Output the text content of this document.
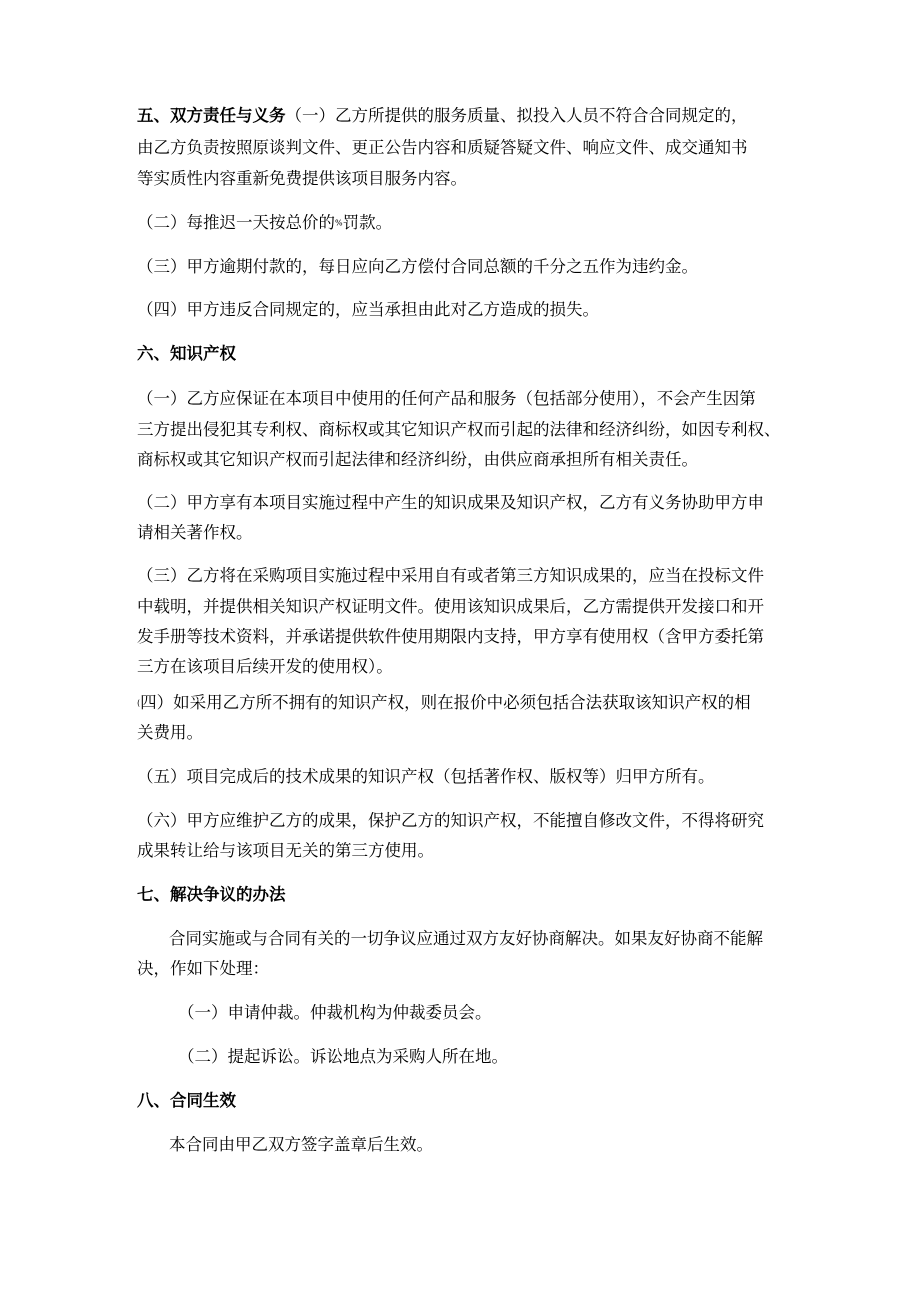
五、双方责任与义务（一）乙方所提供的服务质量、拟投入人员不符合合同规定的，
由乙方负责按照原谈判文件、更正公告内容和质疑答疑文件、响应文件、成交通知书
等实质性内容重新免费提供该项目服务内容。
（二）每推迟一天按总价的%罚款。
（三）甲方逾期付款的，每日应向乙方偿付合同总额的千分之五作为违约金。
（四）甲方违反合同规定的，应当承担由此对乙方造成的损失。
六、知识产权
（一）乙方应保证在本项目中使用的任何产品和服务（包括部分使用），不会产生因第
三方提出侵犯其专利权、商标权或其它知识产权而引起的法律和经济纠纷，如因专利权、
商标权或其它知识产权而引起法律和经济纠纷，由供应商承担所有相关责任。
（二）甲方享有本项目实施过程中产生的知识成果及知识产权，乙方有义务协助甲方申
请相关著作权。
（三）乙方将在采购项目实施过程中采用自有或者第三方知识成果的，应当在投标文件
中载明，并提供相关知识产权证明文件。使用该知识成果后，乙方需提供开发接口和开
发手册等技术资料，并承诺提供软件使用期限内支持，甲方享有使用权（含甲方委托第
三方在该项目后续开发的使用权）。
(四）如采用乙方所不拥有的知识产权，则在报价中必须包括合法获取该知识产权的相
关费用。
（五）项目完成后的技术成果的知识产权（包括著作权、版权等）归甲方所有。
（六）甲方应维护乙方的成果，保护乙方的知识产权，不能擅自修改文件，不得将研究
成果转让给与该项目无关的第三方使用。
七、解决争议的办法
合同实施或与合同有关的一切争议应通过双方友好协商解决。如果友好协商不能解
决，作如下处理：
（一）申请仲裁。仲裁机构为仲裁委员会。
（二）提起诉讼。诉讼地点为采购人所在地。
八、合同生效
本合同由甲乙双方签字盖章后生效。
